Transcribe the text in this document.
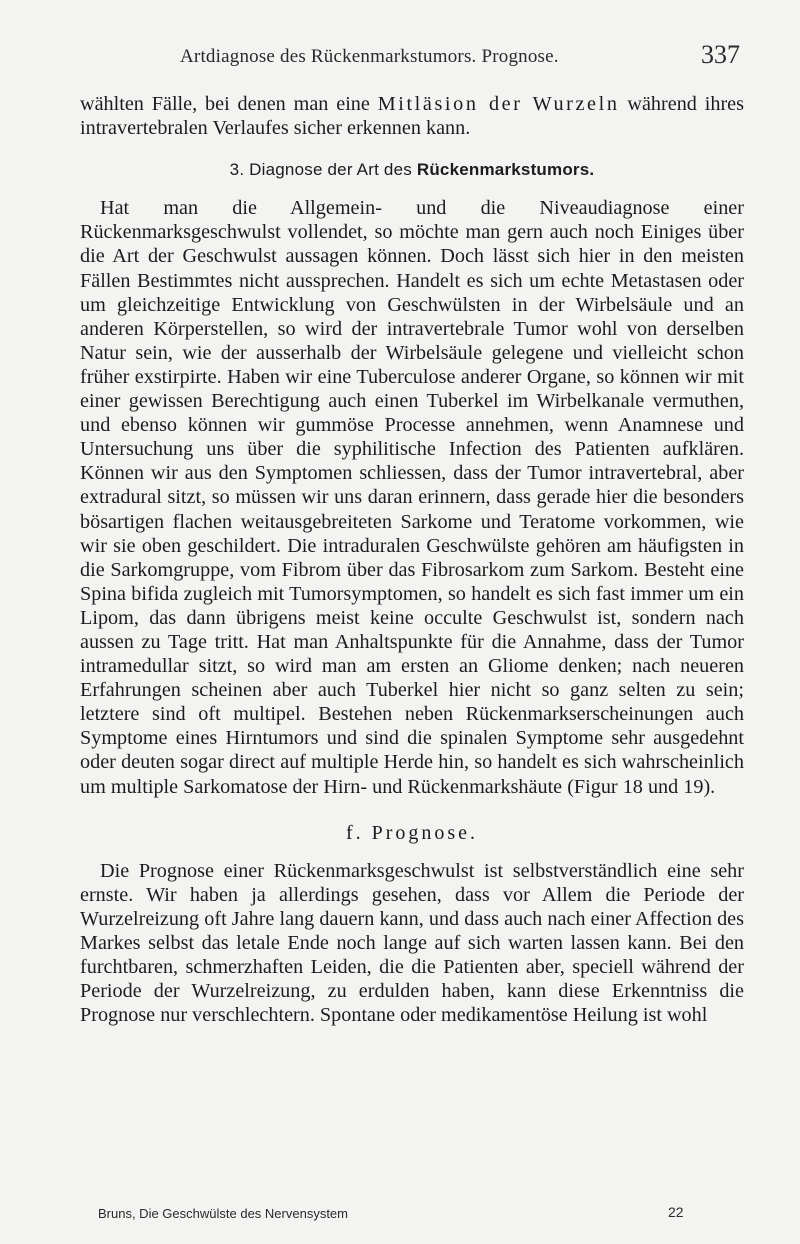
Artdiagnose des Rückenmarkstumors. Prognose.	337

wählten Fälle, bei denen man eine Mitläsion der Wurzeln während ihres intravertebralen Verlaufes sicher erkennen kann.

3. Diagnose der Art des Rückenmarkstumors.

Hat man die Allgemein- und die Niveaudiagnose einer Rückenmarksgeschwulst vollendet, so möchte man gern auch noch Einiges über die Art der Geschwulst aussagen können. Doch lässt sich hier in den meisten Fällen Bestimmtes nicht aussprechen. Handelt es sich um echte Metastasen oder um gleichzeitige Entwicklung von Geschwülsten in der Wirbelsäule und an anderen Körperstellen, so wird der intravertebrale Tumor wohl von derselben Natur sein, wie der ausserhalb der Wirbelsäule gelegene und vielleicht schon früher exstirpirte. Haben wir eine Tuberculose anderer Organe, so können wir mit einer gewissen Berechtigung auch einen Tuberkel im Wirbelkanale vermuthen, und ebenso können wir gummöse Processe annehmen, wenn Anamnese und Untersuchung uns über die syphilitische Infection des Patienten aufklären. Können wir aus den Symptomen schliessen, dass der Tumor intravertebral, aber extradural sitzt, so müssen wir uns daran erinnern, dass gerade hier die besonders bösartigen flachen weitausgebreiteten Sarkome und Teratome vorkommen, wie wir sie oben geschildert. Die intraduralen Geschwülste gehören am häufigsten in die Sarkomgruppe, vom Fibrom über das Fibrosarkom zum Sarkom. Besteht eine Spina bifida zugleich mit Tumorsymptomen, so handelt es sich fast immer um ein Lipom, das dann übrigens meist keine occulte Geschwulst ist, sondern nach aussen zu Tage tritt. Hat man Anhaltspunkte für die Annahme, dass der Tumor intramedullar sitzt, so wird man am ersten an Gliome denken; nach neueren Erfahrungen scheinen aber auch Tuberkel hier nicht so ganz selten zu sein; letztere sind oft multipel. Bestehen neben Rückenmarkserscheinungen auch Symptome eines Hirntumors und sind die spinalen Symptome sehr ausgedehnt oder deuten sogar direct auf multiple Herde hin, so handelt es sich wahrscheinlich um multiple Sarkomatose der Hirn- und Rückenmarkshäute (Figur 18 und 19).

f. Prognose.

Die Prognose einer Rückenmarksgeschwulst ist selbstverständlich eine sehr ernste. Wir haben ja allerdings gesehen, dass vor Allem die Periode der Wurzelreizung oft Jahre lang dauern kann, und dass auch nach einer Affection des Markes selbst das letale Ende noch lange auf sich warten lassen kann. Bei den furchtbaren, schmerzhaften Leiden, die die Patienten aber, speciell während der Periode der Wurzelreizung, zu erdulden haben, kann diese Erkenntniss die Prognose nur verschlechtern. Spontane oder medikamentöse Heilung ist wohl

Bruns, Die Geschwülste des Nervensystem	22
